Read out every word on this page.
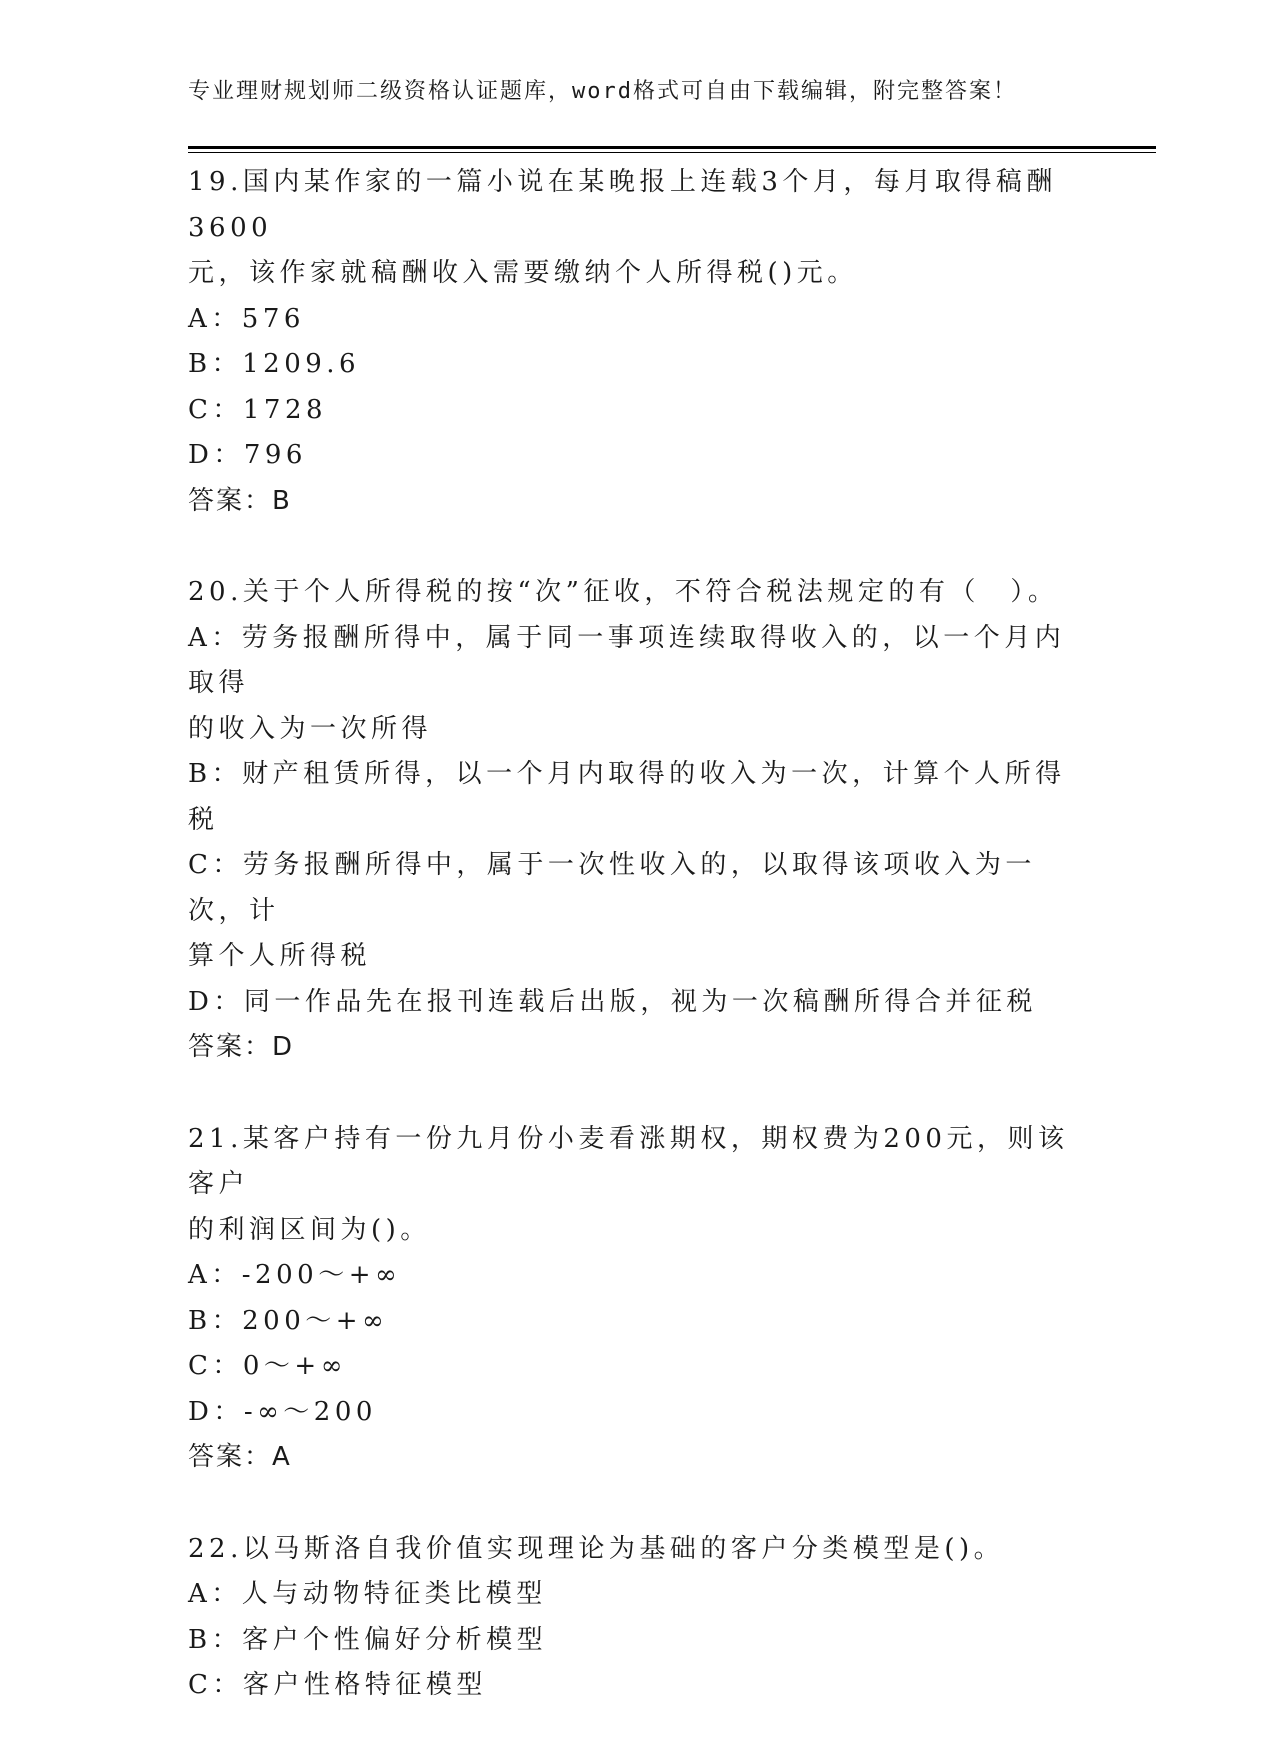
专业理财规划师二级资格认证题库，word格式可自由下载编辑，附完整答案！
19.国内某作家的一篇小说在某晚报上连载3个月，每月取得稿酬3600
元，该作家就稿酬收入需要缴纳个人所得税()元。
A：576
B：1209.6
C：1728
D：796
答案：B
20.关于个人所得税的按“次”征收，不符合税法规定的有（　）。
A：劳务报酬所得中，属于同一事项连续取得收入的，以一个月内取得
的收入为一次所得
B：财产租赁所得，以一个月内取得的收入为一次，计算个人所得税
C：劳务报酬所得中，属于一次性收入的，以取得该项收入为一次，计
算个人所得税
D：同一作品先在报刊连载后出版，视为一次稿酬所得合并征税
答案：D
21.某客户持有一份九月份小麦看涨期权，期权费为200元，则该客户
的利润区间为()。
A：-200～+∞
B：200～+∞
C：0～+∞
D：-∞～200
答案：A
22.以马斯洛自我价值实现理论为基础的客户分类模型是()。
A：人与动物特征类比模型
B：客户个性偏好分析模型
C：客户性格特征模型
